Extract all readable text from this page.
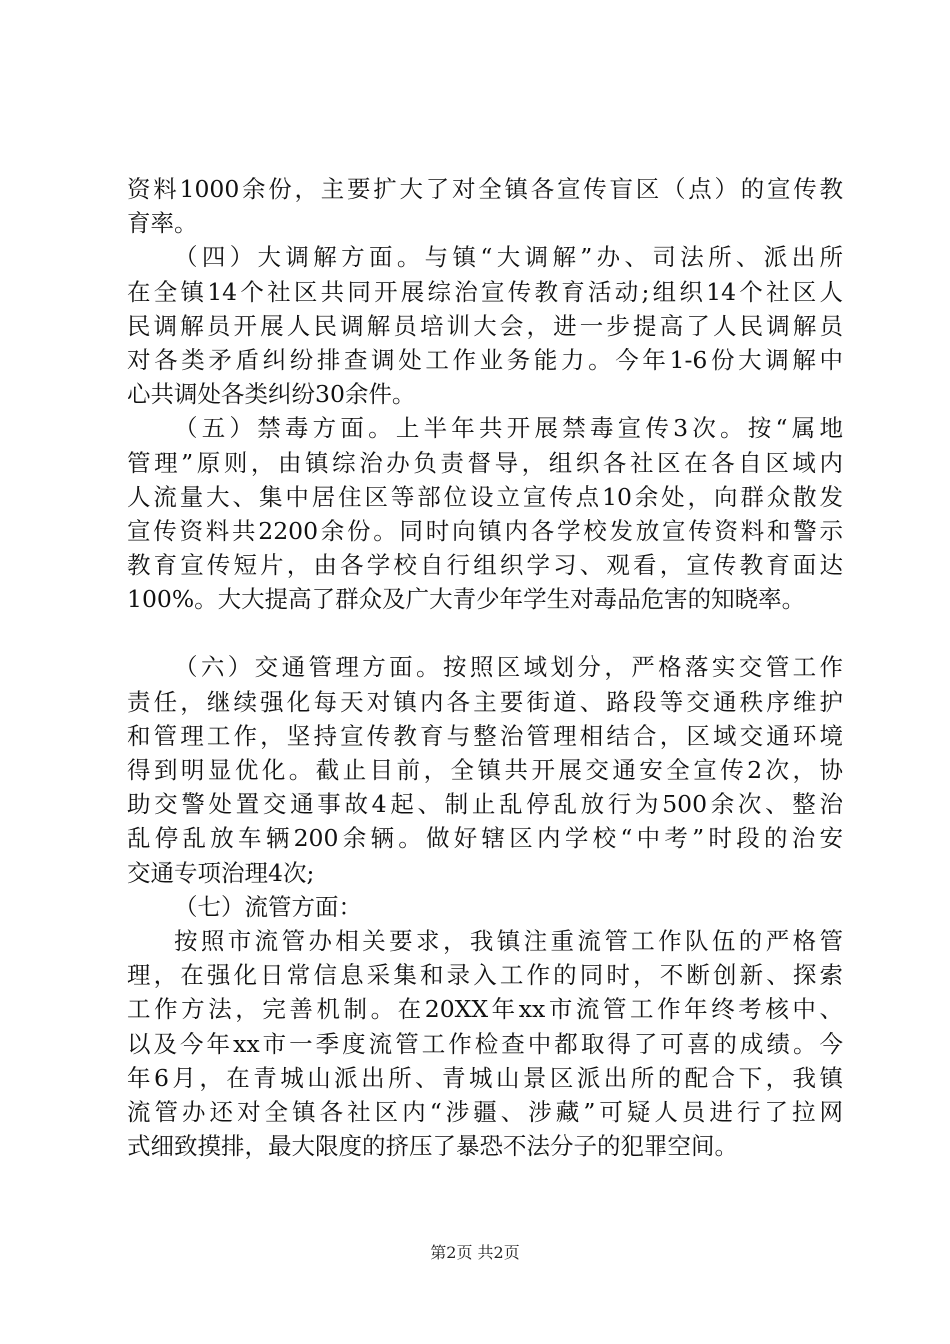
资料1000余份，主要扩大了对全镇各宣传盲区（点）的宣传教
育率。
（四）大调解方面。与镇“大调解”办、司法所、派出所
在全镇14个社区共同开展综治宣传教育活动;组织14个社区人
民调解员开展人民调解员培训大会，进一步提高了人民调解员
对各类矛盾纠纷排查调处工作业务能力。今年1-6份大调解中
心共调处各类纠纷30余件。
（五）禁毒方面。上半年共开展禁毒宣传3次。按“属地
管理”原则，由镇综治办负责督导，组织各社区在各自区域内
人流量大、集中居住区等部位设立宣传点10余处，向群众散发
宣传资料共2200余份。同时向镇内各学校发放宣传资料和警示
教育宣传短片，由各学校自行组织学习、观看，宣传教育面达
100%。大大提高了群众及广大青少年学生对毒品危害的知晓率。
（六）交通管理方面。按照区域划分，严格落实交管工作
责任，继续强化每天对镇内各主要街道、路段等交通秩序维护
和管理工作，坚持宣传教育与整治管理相结合，区域交通环境
得到明显优化。截止目前，全镇共开展交通安全宣传2次，协
助交警处置交通事故4起、制止乱停乱放行为500余次、整治
乱停乱放车辆200余辆。做好辖区内学校“中考”时段的治安
交通专项治理4次;
（七）流管方面：
按照市流管办相关要求，我镇注重流管工作队伍的严格管
理，在强化日常信息采集和录入工作的同时，不断创新、探索
工作方法，完善机制。在20XX年xx市流管工作年终考核中、
以及今年xx市一季度流管工作检查中都取得了可喜的成绩。今
年6月，在青城山派出所、青城山景区派出所的配合下，我镇
流管办还对全镇各社区内“涉疆、涉藏”可疑人员进行了拉网
式细致摸排，最大限度的挤压了暴恐不法分子的犯罪空间。
第2页 共2页
